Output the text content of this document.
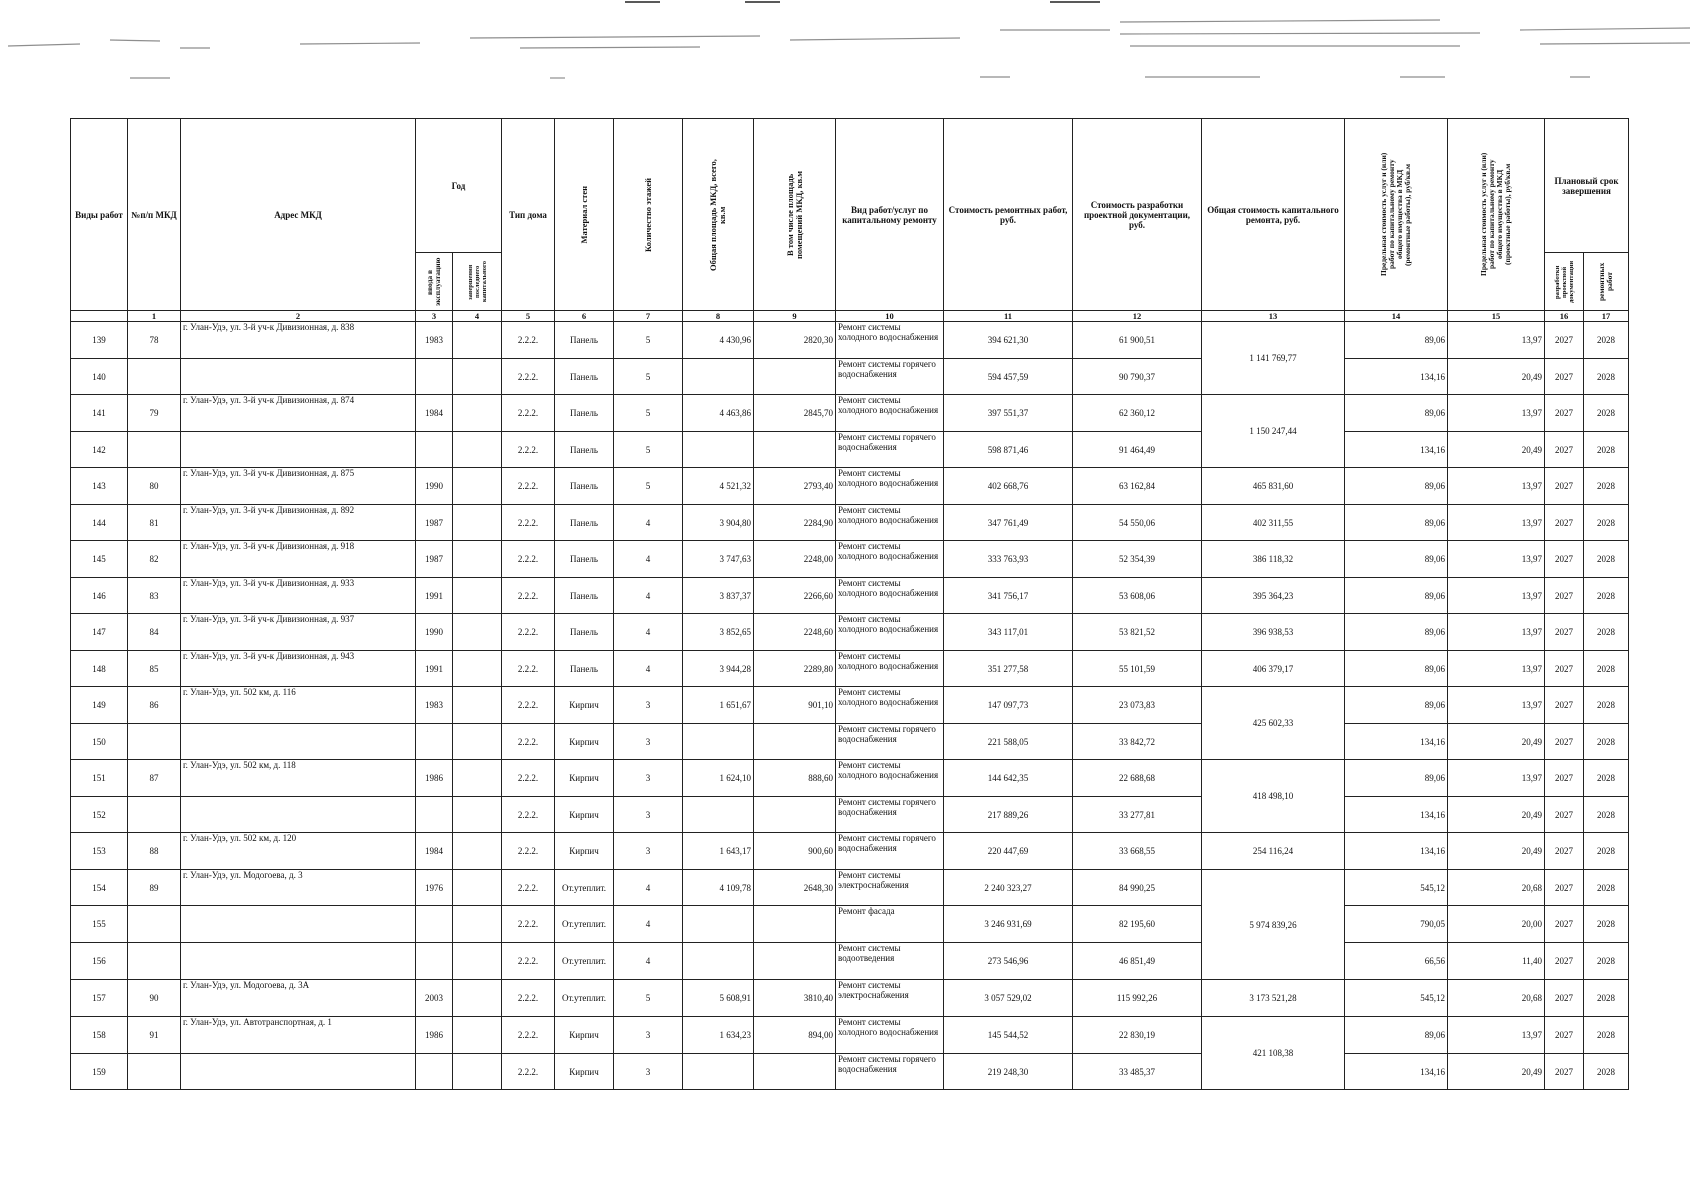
Виды работ	№п/п МКД	Адрес МКД	Год		Тип дома	Материал стен	Количество этажей	Общая площадь МКД, всего, кв.м	В том числе площадь помещений МКД, кв.м	Вид работ/услуг по капитальному ремонту	Стоимость ремонтных работ, руб.	Стоимость разработки проектной документации, руб.	Общая стоимость капитального ремонта, руб.	Предельная стоимость услуг и (или) работ по капитальному ремонту общего имущества в МКД (ремонтные работы), руб/кв.м	Предельная стоимость услуг и (или) работ по капитальному ремонту общего имущества в МКД (проектные работы), руб/кв.м	Плановый срок завершения	

			ввода в эксплуатацию	завершения последнего капитального												разработки проектной документации	ремонтных работ

	1	2	3	4	5	6	7	8	9	10	11	12	13	14	15	16	17
139	78	г. Улан-Удэ, ул. 3-й уч-к Дивизионная, д. 838	1983		2.2.2.	Панель	5	4 430,96	2820,30	Ремонт системы холодного водоснабжения	394 621,30	61 900,51	1 141 769,77	89,06	13,97	2027	2028
140					2.2.2.	Панель	5			Ремонт системы горячего водоснабжения	594 457,59	90 790,37		134,16	20,49	2027	2028
141	79	г. Улан-Удэ, ул. 3-й уч-к Дивизионная, д. 874	1984		2.2.2.	Панель	5	4 463,86	2845,70	Ремонт системы холодного водоснабжения	397 551,37	62 360,12	1 150 247,44	89,06	13,97	2027	2028
142					2.2.2.	Панель	5			Ремонт системы горячего водоснабжения	598 871,46	91 464,49		134,16	20,49	2027	2028
143	80	г. Улан-Удэ, ул. 3-й уч-к Дивизионная, д. 875	1990		2.2.2.	Панель	5	4 521,32	2793,40	Ремонт системы холодного водоснабжения	402 668,76	63 162,84	465 831,60	89,06	13,97	2027	2028
144	81	г. Улан-Удэ, ул. 3-й уч-к Дивизионная, д. 892	1987		2.2.2.	Панель	4	3 904,80	2284,90	Ремонт системы холодного водоснабжения	347 761,49	54 550,06	402 311,55	89,06	13,97	2027	2028
145	82	г. Улан-Удэ, ул. 3-й уч-к Дивизионная, д. 918	1987		2.2.2.	Панель	4	3 747,63	2248,00	Ремонт системы холодного водоснабжения	333 763,93	52 354,39	386 118,32	89,06	13,97	2027	2028
146	83	г. Улан-Удэ, ул. 3-й уч-к Дивизионная, д. 933	1991		2.2.2.	Панель	4	3 837,37	2266,60	Ремонт системы холодного водоснабжения	341 756,17	53 608,06	395 364,23	89,06	13,97	2027	2028
147	84	г. Улан-Удэ, ул. 3-й уч-к Дивизионная, д. 937	1990		2.2.2.	Панель	4	3 852,65	2248,60	Ремонт системы холодного водоснабжения	343 117,01	53 821,52	396 938,53	89,06	13,97	2027	2028
148	85	г. Улан-Удэ, ул. 3-й уч-к Дивизионная, д. 943	1991		2.2.2.	Панель	4	3 944,28	2289,80	Ремонт системы холодного водоснабжения	351 277,58	55 101,59	406 379,17	89,06	13,97	2027	2028
149	86	г. Улан-Удэ, ул. 502 км, д. 116	1983		2.2.2.	Кирпич	3	1 651,67	901,10	Ремонт системы холодного водоснабжения	147 097,73	23 073,83	425 602,33	89,06	13,97	2027	2028
150					2.2.2.	Кирпич	3			Ремонт системы горячего водоснабжения	221 588,05	33 842,72		134,16	20,49	2027	2028
151	87	г. Улан-Удэ, ул. 502 км, д. 118	1986		2.2.2.	Кирпич	3	1 624,10	888,60	Ремонт системы холодного водоснабжения	144 642,35	22 688,68	418 498,10	89,06	13,97	2027	2028
152					2.2.2.	Кирпич	3			Ремонт системы горячего водоснабжения	217 889,26	33 277,81		134,16	20,49	2027	2028
153	88	г. Улан-Удэ, ул. 502 км, д. 120	1984		2.2.2.	Кирпич	3	1 643,17	900,60	Ремонт системы горячего водоснабжения	220 447,69	33 668,55	254 116,24	134,16	20,49	2027	2028
154	89	г. Улан-Удэ, ул. Модогоева, д. 3	1976		2.2.2.	От.утеплит.	4	4 109,78	2648,30	Ремонт системы электроснабжения	2 240 323,27	84 990,25	5 974 839,26	545,12	20,68	2027	2028
155					2.2.2.	От.утеплит.	4			Ремонт фасада	3 246 931,69	82 195,60		790,05	20,00	2027	2028
156					2.2.2.	От.утеплит.	4			Ремонт системы водоотведения	273 546,96	46 851,49		66,56	11,40	2027	2028
157	90	г. Улан-Удэ, ул. Модогоева, д. 3А	2003		2.2.2.	От.утеплит.	5	5 608,91	3810,40	Ремонт системы электроснабжения	3 057 529,02	115 992,26	3 173 521,28	545,12	20,68	2027	2028
158	91	г. Улан-Удэ, ул. Автотранспортная, д. 1	1986		2.2.2.	Кирпич	3	1 634,23	894,00	Ремонт системы холодного водоснабжения	145 544,52	22 830,19	421 108,38	89,06	13,97	2027	2028
159					2.2.2.	Кирпич	3			Ремонт системы горячего водоснабжения	219 248,30	33 485,37		134,16	20,49	2027	2028
